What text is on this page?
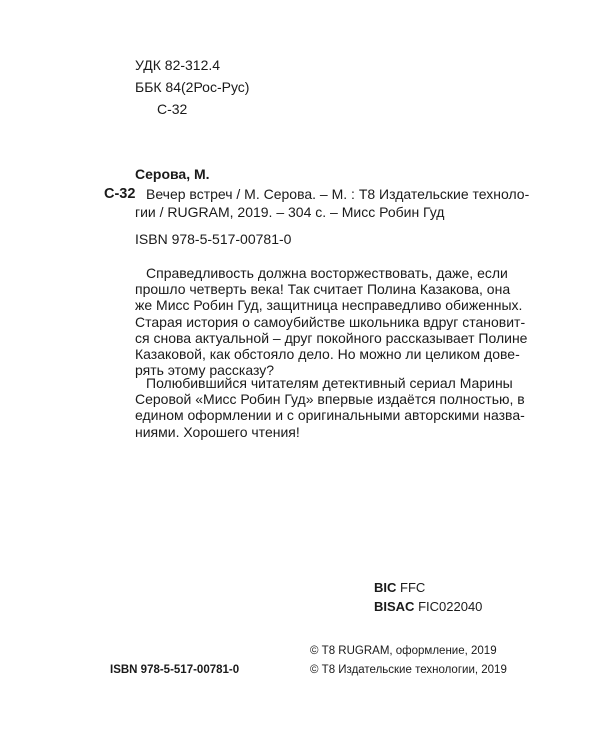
УДК 82-312.4
ББК 84(2Рос-Рус)
С-32
Серова, М.
С-32 Вечер встреч / М. Серова. – М. : Т8 Издательские техноло-
гии / RUGRAM, 2019. – 304 с. – Мисс Робин Гуд
ISBN 978-5-517-00781-0
Справедливость должна восторжествовать, даже, если
прошло четверть века! Так считает Полина Казакова, она
же Мисс Робин Гуд, защитница несправедливо обиженных.
Старая история о самоубийстве школьника вдруг становит-
ся снова актуальной – друг покойного рассказывает Полине
Казаковой, как обстояло дело. Но можно ли целиком дове-
рять этому рассказу?
Полюбившийся читателям детективный сериал Марины
Серовой «Мисс Робин Гуд» впервые издаётся полностью, в
едином оформлении и с оригинальными авторскими назва-
ниями. Хорошего чтения!
BIC FFC
BISAC FIC022040
© Т8 RUGRAM, оформление, 2019
ISBN 978-5-517-00781-0	© Т8 Издательские технологии, 2019
